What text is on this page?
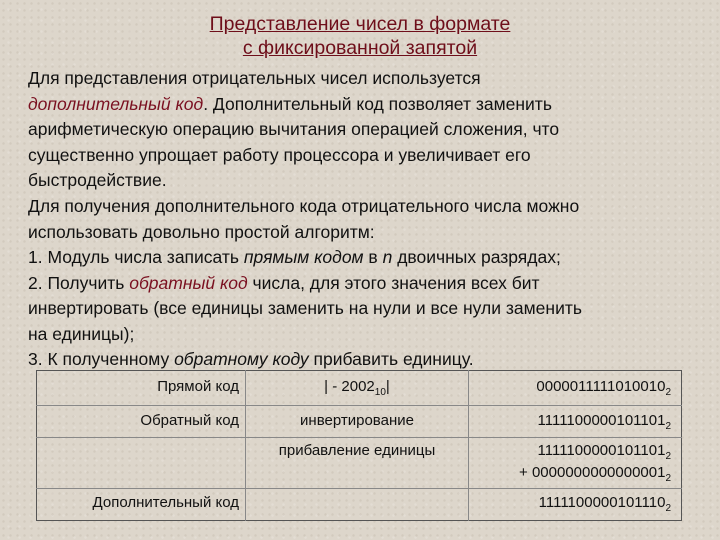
Представление чисел в формате
с фиксированной запятой
Для представления отрицательных чисел используется
дополнительный код. Дополнительный код позволяет заменить
арифметическую операцию вычитания операцией сложения, что
существенно упрощает работу процессора и увеличивает его
быстродействие.
Для получения дополнительного кода отрицательного числа можно
использовать довольно простой алгоритм:
1. Модуль числа записать прямым кодом в n двоичных разрядах;
2. Получить обратный код числа, для этого значения всех бит
инвертировать (все единицы заменить на нули и все нули заменить
на единицы);
3. К полученному обратному коду прибавить единицу.
Прямой код	| - $2002_{10}|$	$0000011111010010_2$

Обратный код	инвертирование	$1111100000101101_2$

	прибавление единицы	$1111100000101101_2$
+ $0000000000000001_2$

Дополнительный код		$1111100000101110_2$
